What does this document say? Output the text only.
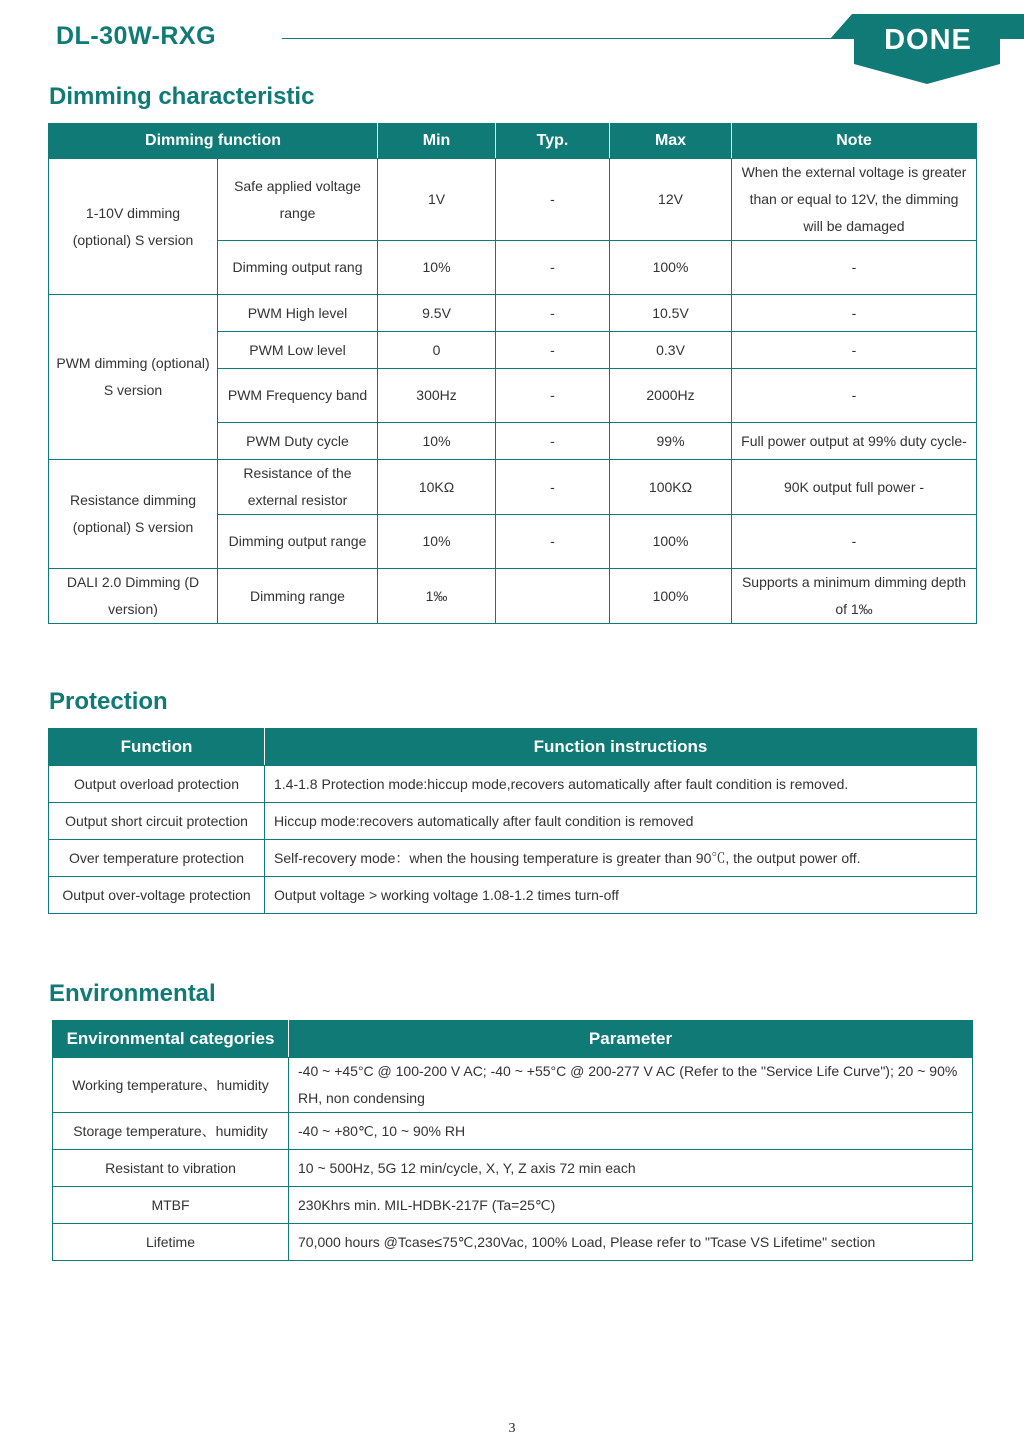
DL-30W-RXG	DONE
Dimming characteristic
Dimming function		Min	Typ.	Max	Note
1-10V dimming (optional) S version	Safe applied voltage range	1V	-	12V	When the external voltage is greater than or equal to 12V, the dimming will be damaged
	Dimming output rang	10%	-	100%	-
PWM dimming (optional) S version	PWM High level	9.5V	-	10.5V	-
	PWM Low level	0	-	0.3V	-
	PWM Frequency band	300Hz	-	2000Hz	-
	PWM Duty cycle	10%	-	99%	Full power output at 99% duty cycle-
Resistance dimming (optional) S version	Resistance of the external resistor	10KΩ	-	100KΩ	90K output full power -
	Dimming output range	10%	-	100%	-
DALI 2.0 Dimming (D version)	Dimming range	1‰		100%	Supports a minimum dimming depth of 1‰
Protection
Function	Function instructions
Output overload protection	1.4-1.8 Protection mode:hiccup mode,recovers automatically after fault condition is removed.
Output short circuit protection	Hiccup mode:recovers automatically after fault condition is removed
Over temperature protection	Self-recovery mode：when the housing temperature is greater than 90℃, the output power off.
Output over-voltage protection	Output voltage > working voltage 1.08-1.2 times turn-off
Environmental
Environmental categories	Parameter
Working temperature、humidity	-40 ~ +45°C @ 100-200 V AC; -40 ~ +55°C @ 200-277 V AC (Refer to the "Service Life Curve"); 20 ~ 90% RH, non condensing
Storage temperature、humidity	-40 ~ +80℃, 10 ~ 90% RH
Resistant to vibration	10 ~ 500Hz, 5G 12 min/cycle, X, Y, Z axis 72 min each
MTBF	230Khrs min. MIL-HDBK-217F (Ta=25℃)
Lifetime	70,000 hours @Tcase≤75℃,230Vac, 100% Load, Please refer to "Tcase VS Lifetime" section
3
